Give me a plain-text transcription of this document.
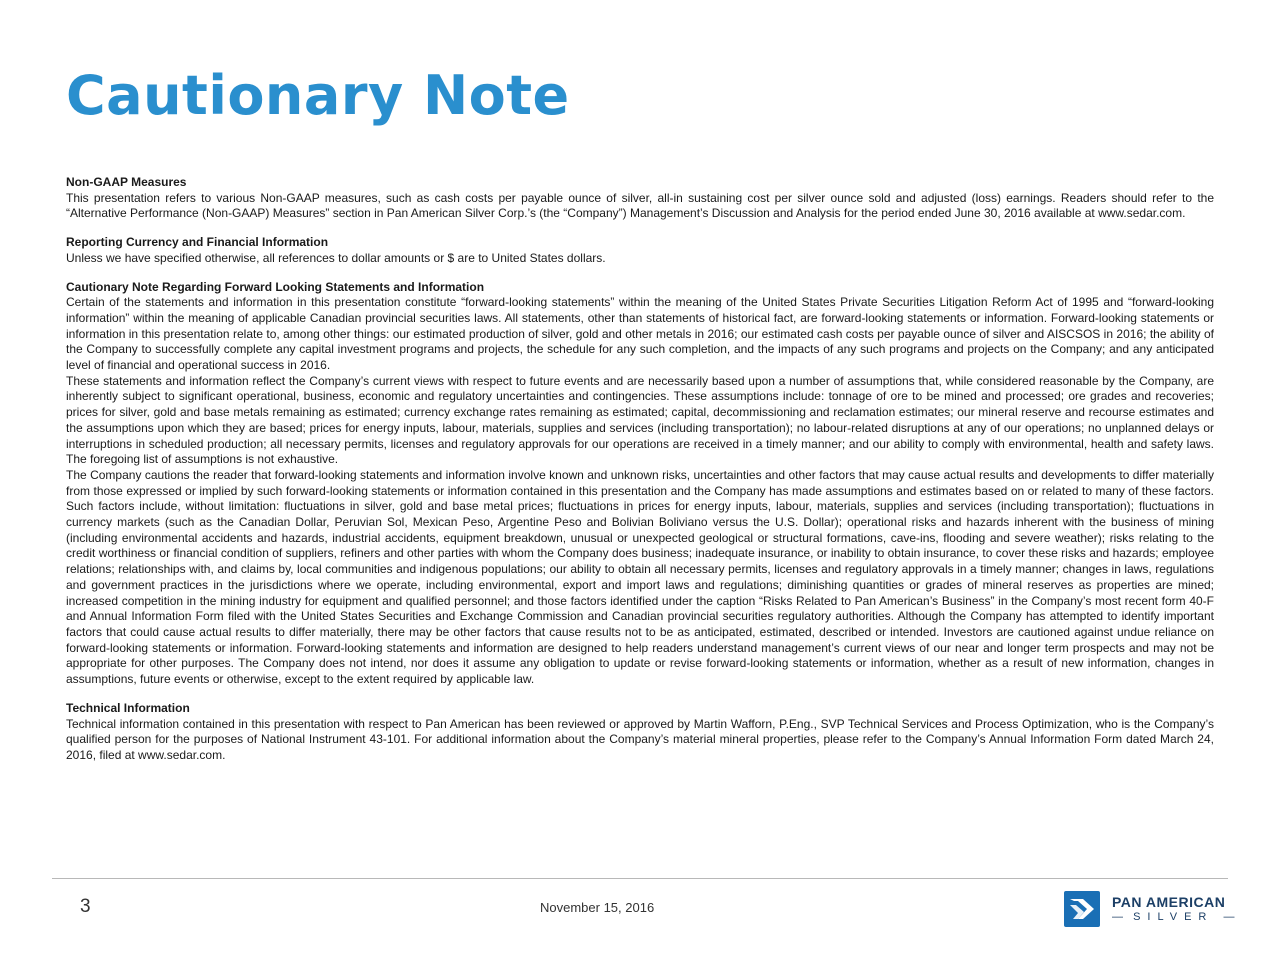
Cautionary Note
Non-GAAP Measures

This presentation refers to various Non-GAAP measures, such as cash costs per payable ounce of silver, all-in sustaining cost per silver ounce sold and adjusted (loss) earnings. Readers should refer to the “Alternative Performance (Non-GAAP) Measures” section in Pan American Silver Corp.’s (the “Company”) Management’s Discussion and Analysis for the period ended June 30, 2016 available at www.sedar.com.

Reporting Currency and Financial Information

Unless we have specified otherwise, all references to dollar amounts or $ are to United States dollars.

Cautionary Note Regarding Forward Looking Statements and Information

Certain of the statements and information in this presentation constitute “forward-looking statements” within the meaning of the United States Private Securities Litigation Reform Act of 1995 and “forward-looking information” within the meaning of applicable Canadian provincial securities laws. All statements, other than statements of historical fact, are forward-looking statements or information. Forward-looking statements or information in this presentation relate to, among other things: our estimated production of silver, gold and other metals in 2016; our estimated cash costs per payable ounce of silver and AISCSOS in 2016; the ability of the Company to successfully complete any capital investment programs and projects, the schedule for any such completion, and the impacts of any such programs and projects on the Company; and any anticipated level of financial and operational success in 2016.

These statements and information reflect the Company’s current views with respect to future events and are necessarily based upon a number of assumptions that, while considered reasonable by the Company, are inherently subject to significant operational, business, economic and regulatory uncertainties and contingencies. These assumptions include: tonnage of ore to be mined and processed; ore grades and recoveries; prices for silver, gold and base metals remaining as estimated; currency exchange rates remaining as estimated; capital, decommissioning and reclamation estimates; our mineral reserve and recourse estimates and the assumptions upon which they are based; prices for energy inputs, labour, materials, supplies and services (including transportation); no labour-related disruptions at any of our operations; no unplanned delays or interruptions in scheduled production; all necessary permits, licenses and regulatory approvals for our operations are received in a timely manner; and our ability to comply with environmental, health and safety laws. The foregoing list of assumptions is not exhaustive.

The Company cautions the reader that forward-looking statements and information involve known and unknown risks, uncertainties and other factors that may cause actual results and developments to differ materially from those expressed or implied by such forward-looking statements or information contained in this presentation and the Company has made assumptions and estimates based on or related to many of these factors. Such factors include, without limitation: fluctuations in silver, gold and base metal prices; fluctuations in prices for energy inputs, labour, materials, supplies and services (including transportation); fluctuations in currency markets (such as the Canadian Dollar, Peruvian Sol, Mexican Peso, Argentine Peso and Bolivian Boliviano versus the U.S. Dollar); operational risks and hazards inherent with the business of mining (including environmental accidents and hazards, industrial accidents, equipment breakdown, unusual or unexpected geological or structural formations, cave-ins, flooding and severe weather); risks relating to the credit worthiness or financial condition of suppliers, refiners and other parties with whom the Company does business; inadequate insurance, or inability to obtain insurance, to cover these risks and hazards; employee relations; relationships with, and claims by, local communities and indigenous populations; our ability to obtain all necessary permits, licenses and regulatory approvals in a timely manner; changes in laws, regulations and government practices in the jurisdictions where we operate, including environmental, export and import laws and regulations; diminishing quantities or grades of mineral reserves as properties are mined; increased competition in the mining industry for equipment and qualified personnel; and those factors identified under the caption “Risks Related to Pan American’s Business” in the Company’s most recent form 40-F and Annual Information Form filed with the United States Securities and Exchange Commission and Canadian provincial securities regulatory authorities. Although the Company has attempted to identify important factors that could cause actual results to differ materially, there may be other factors that cause results not to be as anticipated, estimated, described or intended. Investors are cautioned against undue reliance on forward-looking statements or information. Forward-looking statements and information are designed to help readers understand management’s current views of our near and longer term prospects and may not be appropriate for other purposes. The Company does not intend, nor does it assume any obligation to update or revise forward-looking statements or information, whether as a result of new information, changes in assumptions, future events or otherwise, except to the extent required by applicable law.

Technical Information

Technical information contained in this presentation with respect to Pan American has been reviewed or approved by Martin Wafforn, P.Eng., SVP Technical Services and Process Optimization, who is the Company’s qualified person for the purposes of National Instrument 43-101. For additional information about the Company’s material mineral properties, please refer to the Company’s Annual Information Form dated March 24, 2016, filed at www.sedar.com.

3	November 15, 2016	PAN AMERICAN
— SILVER —
